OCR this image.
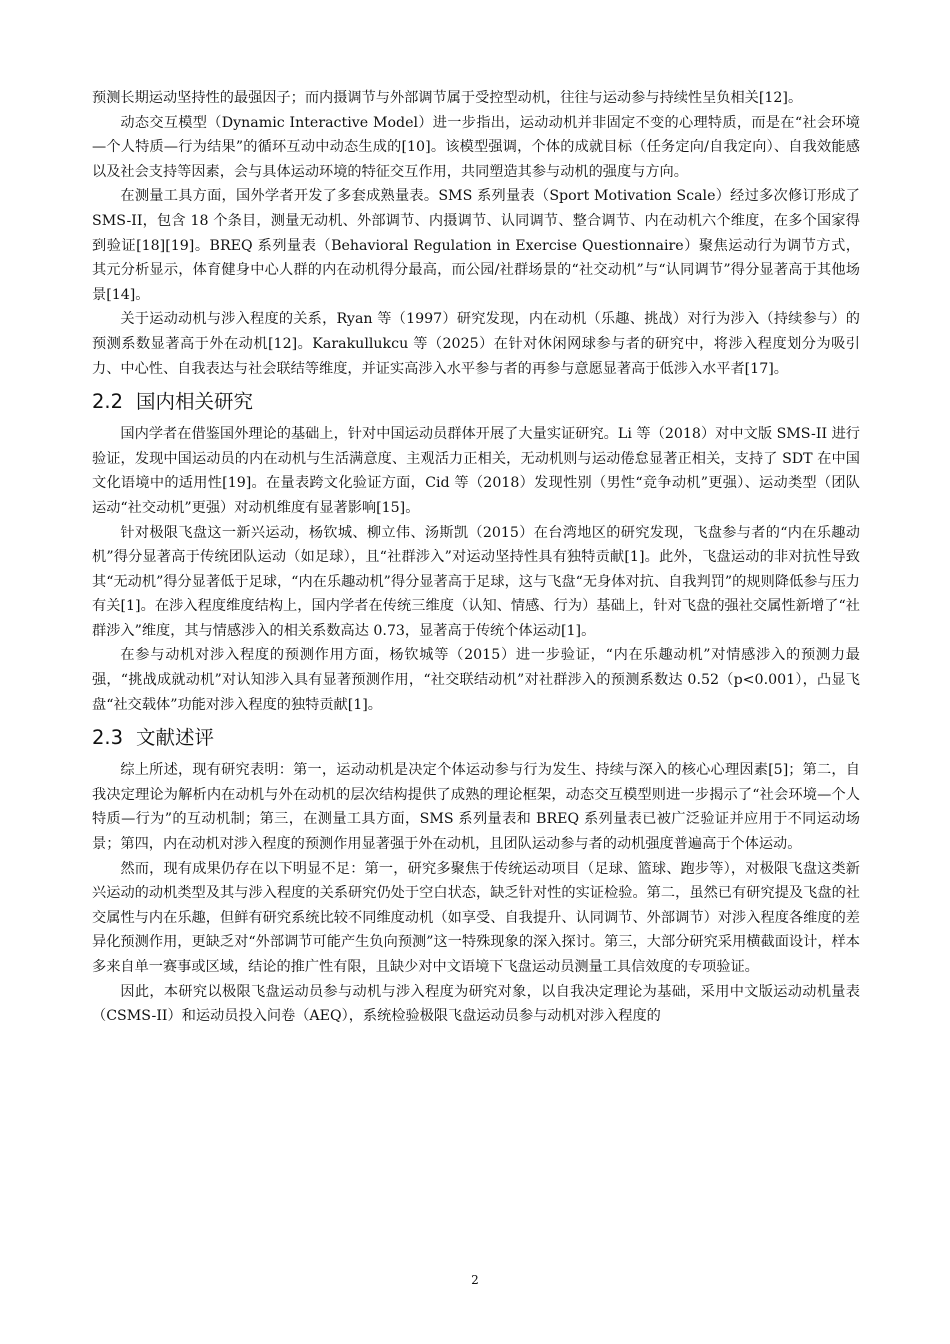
预测长期运动坚持性的最强因子；而内摄调节与外部调节属于受控型动机，往往与运动参与持续性呈负相关[12]。

动态交互模型（Dynamic Interactive Model）进一步指出，运动动机并非固定不变的心理特质，而是在“社会环境—个人特质—行为结果”的循环互动中动态生成的[10]。该模型强调，个体的成就目标（任务定向/自我定向）、自我效能感以及社会支持等因素，会与具体运动环境的特征交互作用，共同塑造其参与动机的强度与方向。

在测量工具方面，国外学者开发了多套成熟量表。SMS 系列量表（Sport Motivation Scale）经过多次修订形成了 SMS-II，包含 18 个条目，测量无动机、外部调节、内摄调节、认同调节、整合调节、内在动机六个维度，在多个国家得到验证[18][19]。BREQ 系列量表（Behavioral Regulation in Exercise Questionnaire）聚焦运动行为调节方式，其元分析显示，体育健身中心人群的内在动机得分最高，而公园/社群场景的“社交动机”与“认同调节”得分显著高于其他场景[14]。

关于运动动机与涉入程度的关系，Ryan 等（1997）研究发现，内在动机（乐趣、挑战）对行为涉入（持续参与）的预测系数显著高于外在动机[12]。Karakullukcu 等（2025）在针对休闲网球参与者的研究中，将涉入程度划分为吸引力、中心性、自我表达与社会联结等维度，并证实高涉入水平参与者的再参与意愿显著高于低涉入水平者[17]。

2.2 国内相关研究

国内学者在借鉴国外理论的基础上，针对中国运动员群体开展了大量实证研究。Li 等（2018）对中文版 SMS-II 进行验证，发现中国运动员的内在动机与生活满意度、主观活力正相关，无动机则与运动倦怠显著正相关，支持了 SDT 在中国文化语境中的适用性[19]。在量表跨文化验证方面，Cid 等（2018）发现性别（男性“竞争动机”更强）、运动类型（团队运动“社交动机”更强）对动机维度有显著影响[15]。

针对极限飞盘这一新兴运动，杨钦城、柳立伟、汤斯凯（2015）在台湾地区的研究发现，飞盘参与者的“内在乐趣动机”得分显著高于传统团队运动（如足球），且“社群涉入”对运动坚持性具有独特贡献[1]。此外，飞盘运动的非对抗性导致其“无动机”得分显著低于足球，“内在乐趣动机”得分显著高于足球，这与飞盘“无身体对抗、自我判罚”的规则降低参与压力有关[1]。在涉入程度维度结构上，国内学者在传统三维度（认知、情感、行为）基础上，针对飞盘的强社交属性新增了“社群涉入”维度，其与情感涉入的相关系数高达 0.73，显著高于传统个体运动[1]。

在参与动机对涉入程度的预测作用方面，杨钦城等（2015）进一步验证，“内在乐趣动机”对情感涉入的预测力最强，“挑战成就动机”对认知涉入具有显著预测作用，“社交联结动机”对社群涉入的预测系数达 0.52（p<0.001），凸显飞盘“社交载体”功能对涉入程度的独特贡献[1]。

2.3 文献述评

综上所述，现有研究表明：第一，运动动机是决定个体运动参与行为发生、持续与深入的核心心理因素[5]；第二，自我决定理论为解析内在动机与外在动机的层次结构提供了成熟的理论框架，动态交互模型则进一步揭示了“社会环境—个人特质—行为”的互动机制；第三，在测量工具方面，SMS 系列量表和 BREQ 系列量表已被广泛验证并应用于不同运动场景；第四，内在动机对涉入程度的预测作用显著强于外在动机，且团队运动参与者的动机强度普遍高于个体运动。

然而，现有成果仍存在以下明显不足：第一，研究多聚焦于传统运动项目（足球、篮球、跑步等），对极限飞盘这类新兴运动的动机类型及其与涉入程度的关系研究仍处于空白状态，缺乏针对性的实证检验。第二，虽然已有研究提及飞盘的社交属性与内在乐趣，但鲜有研究系统比较不同维度动机（如享受、自我提升、认同调节、外部调节）对涉入程度各维度的差异化预测作用，更缺乏对“外部调节可能产生负向预测”这一特殊现象的深入探讨。第三，大部分研究采用横截面设计，样本多来自单一赛事或区域，结论的推广性有限，且缺少对中文语境下飞盘运动员测量工具信效度的专项验证。

因此，本研究以极限飞盘运动员参与动机与涉入程度为研究对象，以自我决定理论为基础，采用中文版运动动机量表（CSMS-II）和运动员投入问卷（AEQ），系统检验极限飞盘运动员参与动机对涉入程度的

2
